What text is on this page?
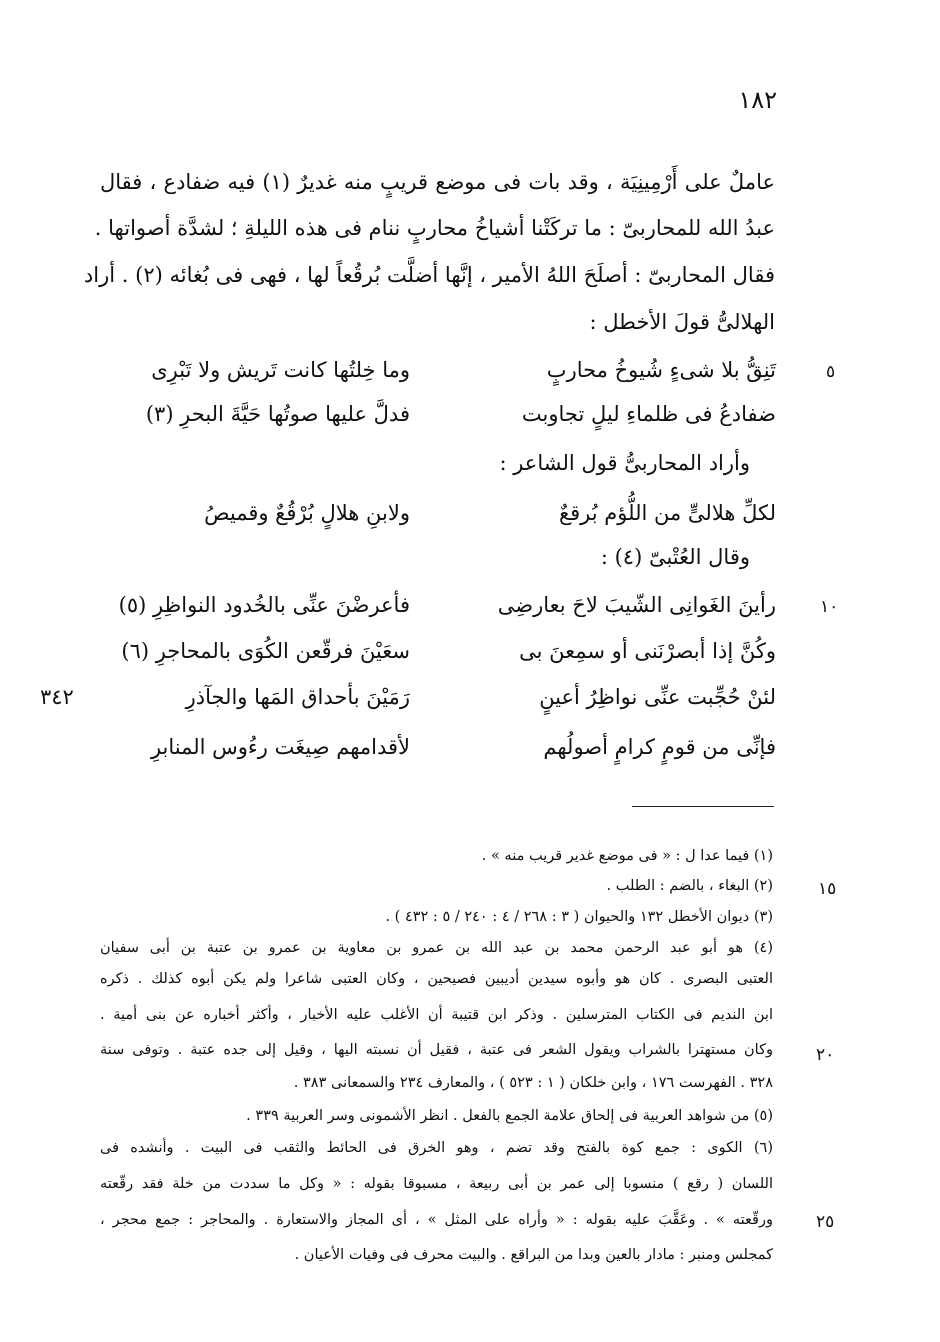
١٨٢
عاملٌ على أَرْمِينِيَة ، وقد بات فى موضع قريبٍ منه غديرٌ (١) فيه ضفادع ، فقال
عبدُ الله للمحاربىّ : ما تركَتْنا أشياخُ محاربٍ ننام فى هذه الليلةِ ؛ لشدَّة أصواتها .
فقال المحاربىّ : أصلَحَ اللهُ الأمير ، إنَّها أضلَّت بُرقُعاً لها ، فهى فى بُغائه (٢) . أراد
الهلالىُّ قولَ الأخطل :
٥
تَنِقُّ بلا شىءٍ شُيوخُ محاربٍ
وما خِلتُها كانت تَريش ولا تَبْرِى
ضفادعُ فى ظلماءِ ليلٍ تجاوبت
فدلَّ عليها صوتُها حَيَّةَ البحرِ (٣)
وأراد المحاربىُّ قول الشاعر :
لكلِّ هلالىٍّ من اللُّؤم بُرقعٌ
ولابنِ هلالٍ بُرْقُعٌ وقميصُ
وقال العُتْبىّ (٤) :
١٠
رأينَ الغَوانِى الشّيبَ لاحَ بعارضِى
فأعرضْنَ عنِّى بالخُدود النواظِرِ (٥)
وكُنَّ إذا أبصرْنَنى أو سمِعنَ بى
سعَيْنَ فرقّعن الكُوَى بالمحاجرِ (٦)
لئنْ حُجِّبت عنِّى نواظِرُ أعينٍ
رَمَيْنَ بأحداق المَها والجآذرِ
فإنِّى من قومٍ كرامٍ أصولُهم
لأقدامهم صِيغَت رءُوس المنابرِ
٣٤٢
(١) فيما عدا ل : « فى موضع غدير قريب منه » .
(٢) البغاء ، بالضم : الطلب .	١٥
(٣) ديوان الأخطل ١٣٢ والحيوان ( ٣ : ٢٦٨ / ٤ : ٢٤٠ / ٥ : ٤٣٢ ) .
(٤) هو أبو عبد الرحمن محمد بن عبد الله بن عمرو بن معاوية بن عمرو بن عتبة بن أبى سفيان
العتبى البصرى . كان هو وأبوه سيدين أديبين فصيحين ، وكان العتبى شاعرا ولم يكن أبوه كذلك . ذكره
ابن النديم فى الكتاب المترسلين . وذكر ابن قتيبة أن الأغلب عليه الأخبار ، وأكثر أخباره عن بنى أمية .
وكان مستهترا بالشراب ويقول الشعر فى عتبة ، فقيل أن نسبته اليها ، وقيل إلى جده عتبة . وتوفى سنة	٢٠
٣٢٨ . الفهرست ١٧٦ ، وابن خلكان ( ١ : ٥٢٣ ) ، والمعارف ٢٣٤ والسمعانى ٣٨٣ .
(٥) من شواهد العربية فى إلحاق علامة الجمع بالفعل . انظر الأشمونى وسر العربية ٣٣٩ .
(٦) الكوى : جمع كوة بالفتح وقد تضم ، وهو الخرق فى الحائط والثقب فى البيت . وأنشده فى
اللسان ( رقع ) منسوبا إلى عمر بن أبى ربيعة ، مسبوقا بقوله : « وكل ما سددت من خلة فقد رقّعته
ورقّعته » . وعَقَّبَ عليه بقوله : « وأراه على المثل » ، أى المجاز والاستعارة . والمحاجر : جمع محجر ،	٢٥
كمجلس ومنبر : مادار بالعين وبدا من البراقع . والبيت محرف فى وفيات الأعيان .
